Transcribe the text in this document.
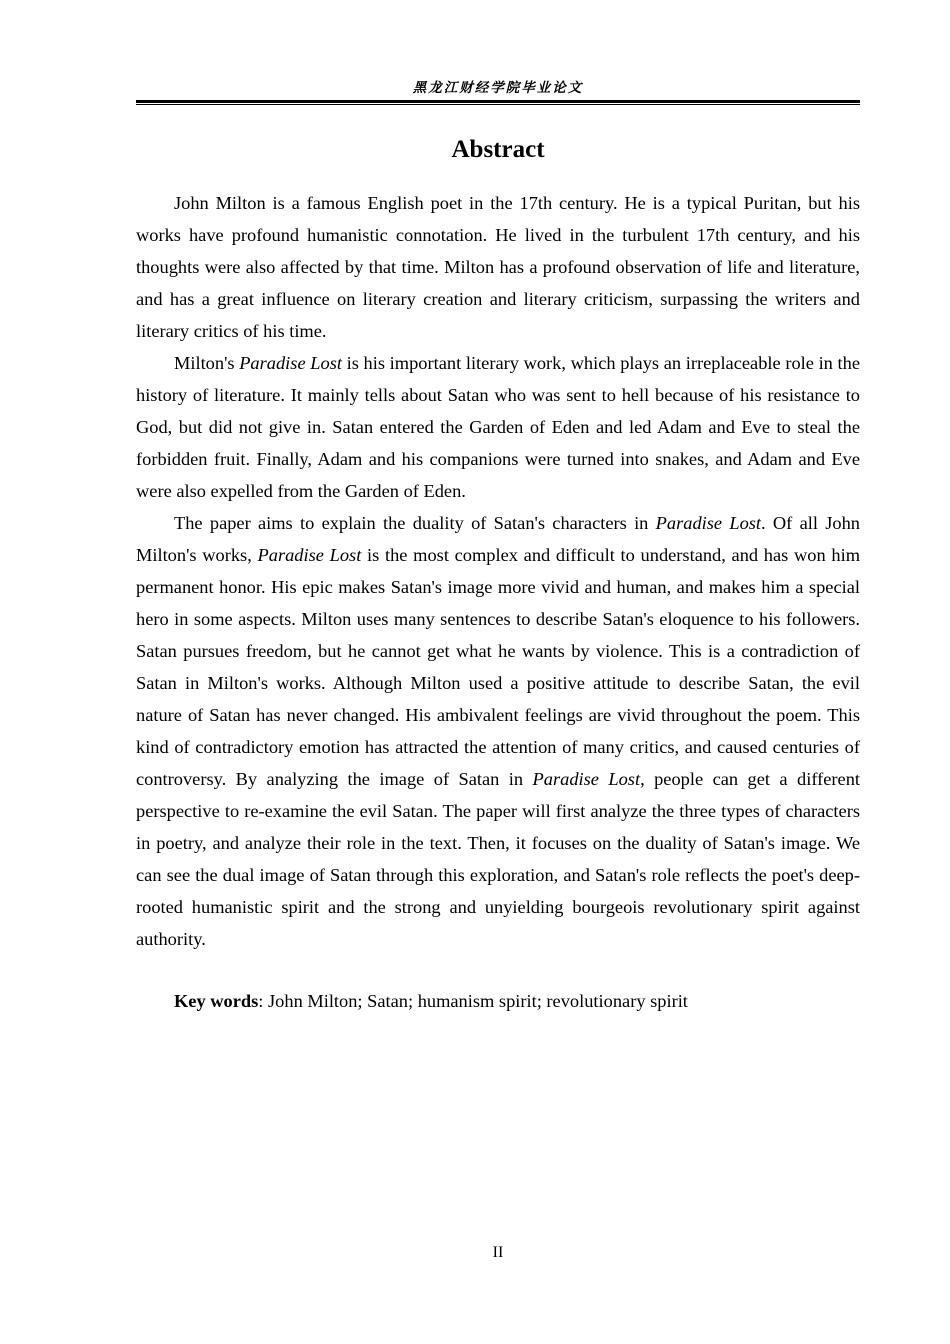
黑龙江财经学院毕业论文
Abstract

John Milton is a famous English poet in the 17th century. He is a typical Puritan, but his works have profound humanistic connotation. He lived in the turbulent 17th century, and his thoughts were also affected by that time. Milton has a profound observation of life and literature, and has a great influence on literary creation and literary criticism, surpassing the writers and literary critics of his time.

Milton's Paradise Lost is his important literary work, which plays an irreplaceable role in the history of literature. It mainly tells about Satan who was sent to hell because of his resistance to God, but did not give in. Satan entered the Garden of Eden and led Adam and Eve to steal the forbidden fruit. Finally, Adam and his companions were turned into snakes, and Adam and Eve were also expelled from the Garden of Eden.

The paper aims to explain the duality of Satan's characters in Paradise Lost. Of all John Milton's works, Paradise Lost is the most complex and difficult to understand, and has won him permanent honor. His epic makes Satan's image more vivid and human, and makes him a special hero in some aspects. Milton uses many sentences to describe Satan's eloquence to his followers. Satan pursues freedom, but he cannot get what he wants by violence. This is a contradiction of Satan in Milton's works. Although Milton used a positive attitude to describe Satan, the evil nature of Satan has never changed. His ambivalent feelings are vivid throughout the poem. This kind of contradictory emotion has attracted the attention of many critics, and caused centuries of controversy. By analyzing the image of Satan in Paradise Lost, people can get a different perspective to re-examine the evil Satan. The paper will first analyze the three types of characters in poetry, and analyze their role in the text. Then, it focuses on the duality of Satan's image. We can see the dual image of Satan through this exploration, and Satan's role reflects the poet's deep-rooted humanistic spirit and the strong and unyielding bourgeois revolutionary spirit against authority.

Key words: John Milton; Satan; humanism spirit; revolutionary spirit

II
